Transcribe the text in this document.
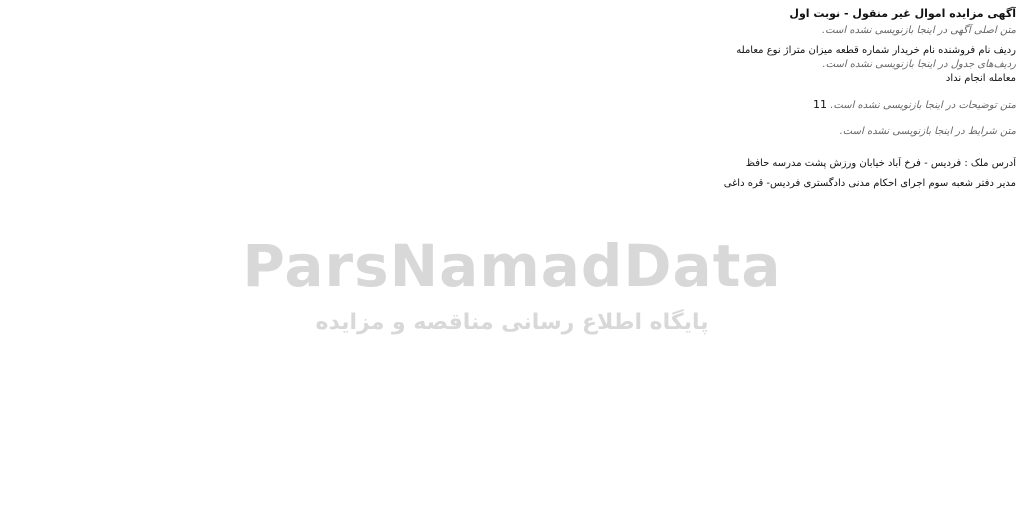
آگهی مزایده اموال غیر منقول - نوبت اول
متن اصلی آگهی در اینجا بازنویسی نشده است.
ردیف نام فروشنده نام خریدار شماره قطعه میزان متراژ نوع معامله
ردیف‌های جدول در اینجا بازنویسی نشده است.
معامله انجام نداد
متن توضیحات در اینجا بازنویسی نشده است. 11
متن شرایط در اینجا بازنویسی نشده است.
آدرس ملک : فردیس - فرخ آباد خیابان ورزش پشت مدرسه حافظ
مدیر دفتر شعبه سوم اجرای احکام مدنی دادگستری فردیس- قره داغی
ParsNamadData
پایگاه اطلاع رسانی مناقصه و مزایده
